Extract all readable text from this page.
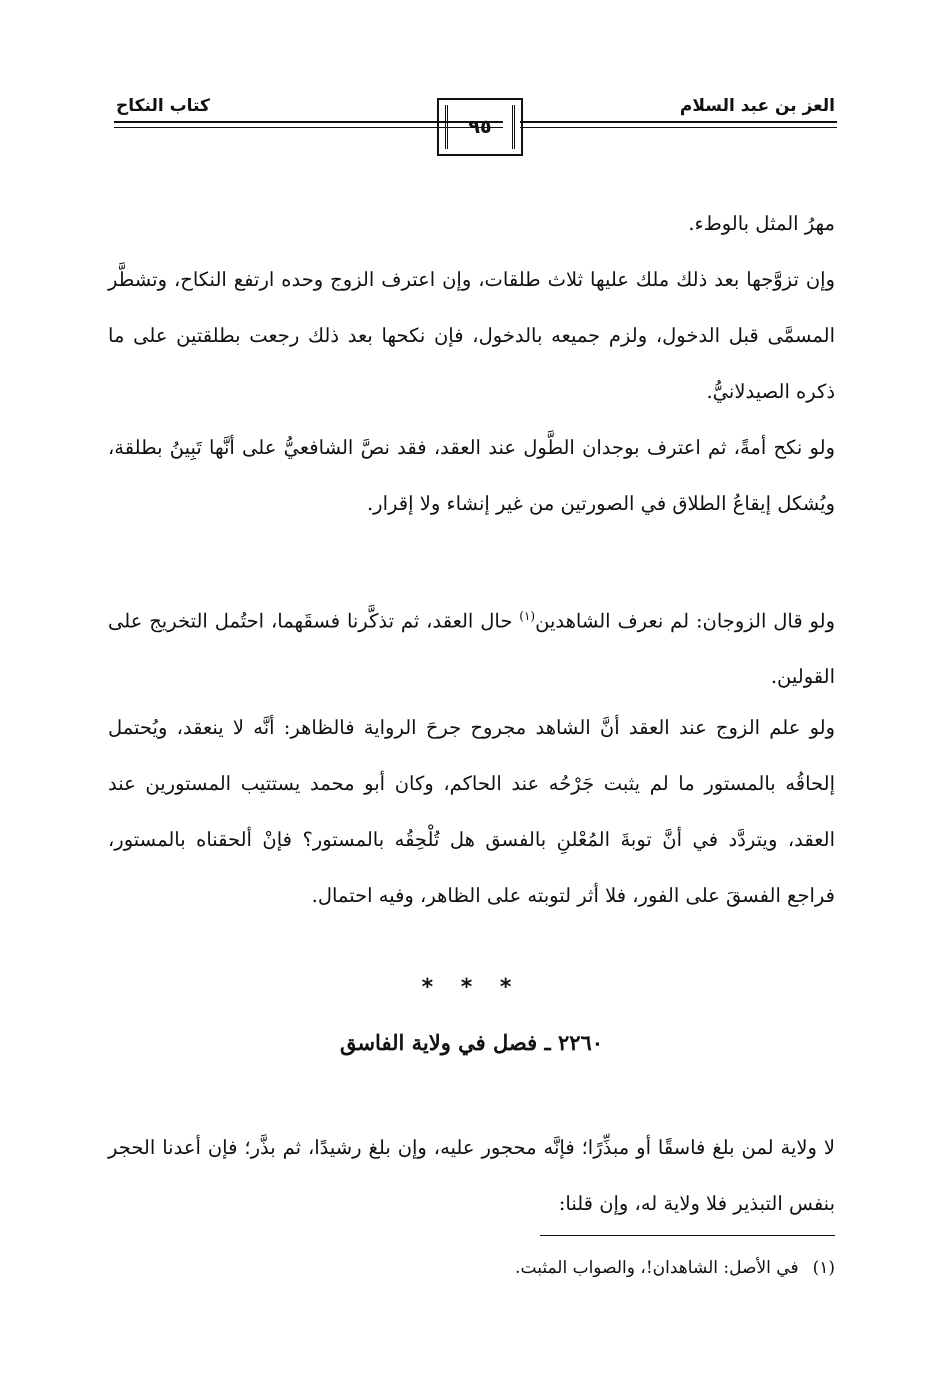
العز بن عبد السلام
كتاب النكاح
٩٥

مهرُ المثل بالوطء.

وإن تزوَّجها بعد ذلك ملك عليها ثلاث طلقات، وإن اعترف الزوج وحده ارتفع النكاح، وتشطَّر المسمَّى قبل الدخول، ولزم جميعه بالدخول، فإن نكحها بعد ذلك رجعت بطلقتين على ما ذكره الصيدلانيُّ.

ولو نكح أمةً، ثم اعترف بوجدان الطَّول عند العقد، فقد نصَّ الشافعيُّ على أنَّها تَبِينُ بطلقة، ويُشكل إيقاعُ الطلاق في الصورتين من غير إنشاء ولا إقرار.

ولو قال الزوجان: لم نعرف الشاهدين$^{(١)}$ حال العقد، ثم تذكَّرنا فسقَهما، احتُمل التخريج على القولين.

ولو علم الزوج عند العقد أنَّ الشاهد مجروح جرحَ الرواية فالظاهر: أنَّه لا ينعقد، ويُحتمل إلحاقُه بالمستور ما لم يثبت جَرْحُه عند الحاكم، وكان أبو محمد يستتيب المستورين عند العقد، ويتردَّد في أنَّ توبةَ المُعْلنِ بالفسق هل تُلْحِقُه بالمستور؟ فإنْ ألحقناه بالمستور، فراجع الفسقَ على الفور، فلا أثر لتوبته على الظاهر، وفيه احتمال.

* * *
٢٢٦٠ ـ فصل في ولاية الفاسق

لا ولاية لمن بلغ فاسقًا أو مبذِّرًا؛ فإنَّه محجور عليه، وإن بلغ رشيدًا، ثم بذَّر؛ فإن أعدنا الحجر بنفس التبذير فلا ولاية له، وإن قلنا:

(١)في الأصل: الشاهدان!، والصواب المثبت.
